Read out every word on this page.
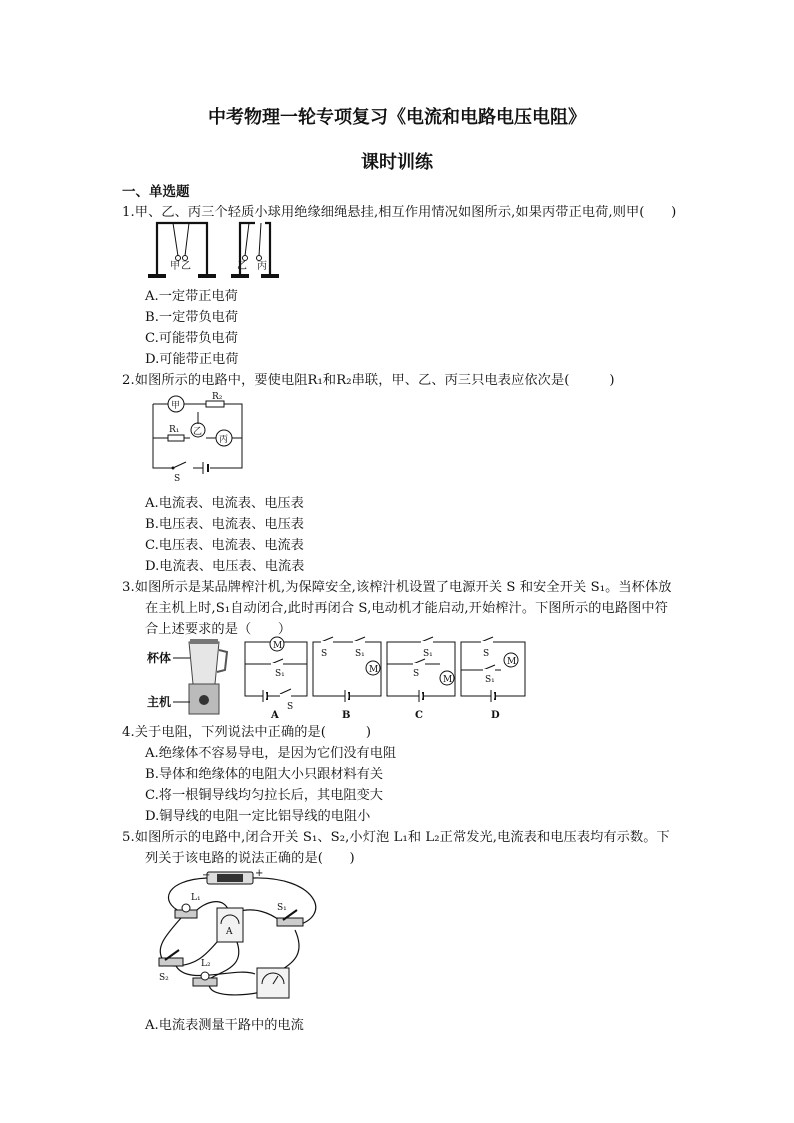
中考物理一轮专项复习《电流和电路电压电阻》
课时训练
一、单选题
1.甲、乙、丙三个轻质小球用绝缘细绳悬挂,相互作用情况如图所示,如果丙带正电荷,则甲(　　)
甲 乙	乙 丙
A.一定带正电荷
B.一定带负电荷
C.可能带负电荷
D.可能带正电荷
2.如图所示的电路中，要使电阻R₁和R₂串联，甲、乙、丙三只电表应依次是(　　　)
甲
R₂
R₁ 乙
丙
S
A.电流表、电流表、电压表
B.电压表、电流表、电压表
C.电压表、电流表、电流表
D.电流表、电压表、电流表
3.如图所示是某品牌榨汁机,为保障安全,该榨汁机设置了电源开关 S 和安全开关 S₁。当杯体放
在主机上时,S₁自动闭合,此时再闭合 S,电动机才能启动,开始榨汁。下图所示的电路图中符
合上述要求的是（　　）
杯体
主机
M
S₁
S
A
S	S₁
M
B
S₁
S
M
C
S
M
S₁
D
4.关于电阻，下列说法中正确的是(　　　)
A.绝缘体不容易导电，是因为它们没有电阻
B.导体和绝缘体的电阻大小只跟材料有关
C.将一根铜导线均匀拉长后，其电阻变大
D.铜导线的电阻一定比铝导线的电阻小
5.如图所示的电路中,闭合开关 S₁、S₂,小灯泡 L₁和 L₂正常发光,电流表和电压表均有示数。下
列关于该电路的说法正确的是(　　)
−	+
L₁
A
S₁
S₂
L₂
A.电流表测量干路中的电流
